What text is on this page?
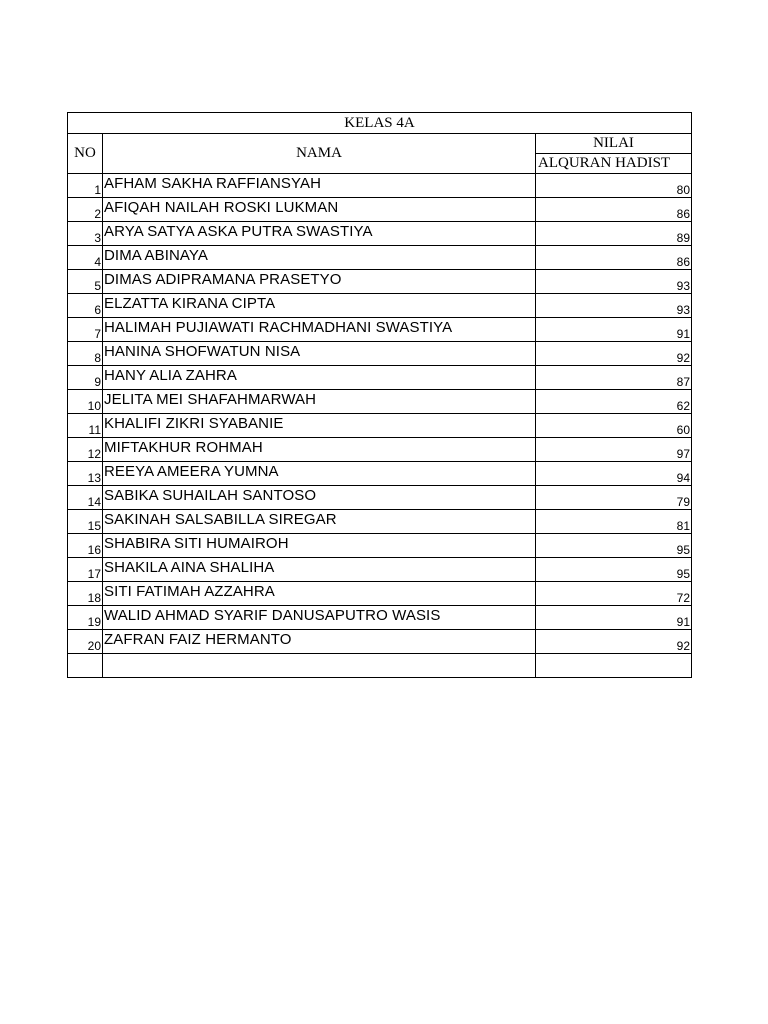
KELAS 4A		
NO	NAMA	NILAI
		ALQURAN HADIST
1	AFHAM SAKHA RAFFIANSYAH	80
2	AFIQAH NAILAH ROSKI LUKMAN	86
3	ARYA SATYA ASKA PUTRA SWASTIYA	89
4	DIMA ABINAYA	86
5	DIMAS ADIPRAMANA PRASETYO	93
6	ELZATTA KIRANA CIPTA	93
7	HALIMAH PUJIAWATI RACHMADHANI SWASTIYA	91
8	HANINA SHOFWATUN NISA	92
9	HANY ALIA ZAHRA	87
10	JELITA MEI SHAFAHMARWAH	62
11	KHALIFI ZIKRI SYABANIE	60
12	MIFTAKHUR ROHMAH	97
13	REEYA AMEERA YUMNA	94
14	SABIKA SUHAILAH SANTOSO	79
15	SAKINAH SALSABILLA SIREGAR	81
16	SHABIRA SITI HUMAIROH	95
17	SHAKILA AINA SHALIHA	95
18	SITI FATIMAH AZZAHRA	72
19	WALID AHMAD SYARIF DANUSAPUTRO WASIS	91
20	ZAFRAN FAIZ HERMANTO	92
